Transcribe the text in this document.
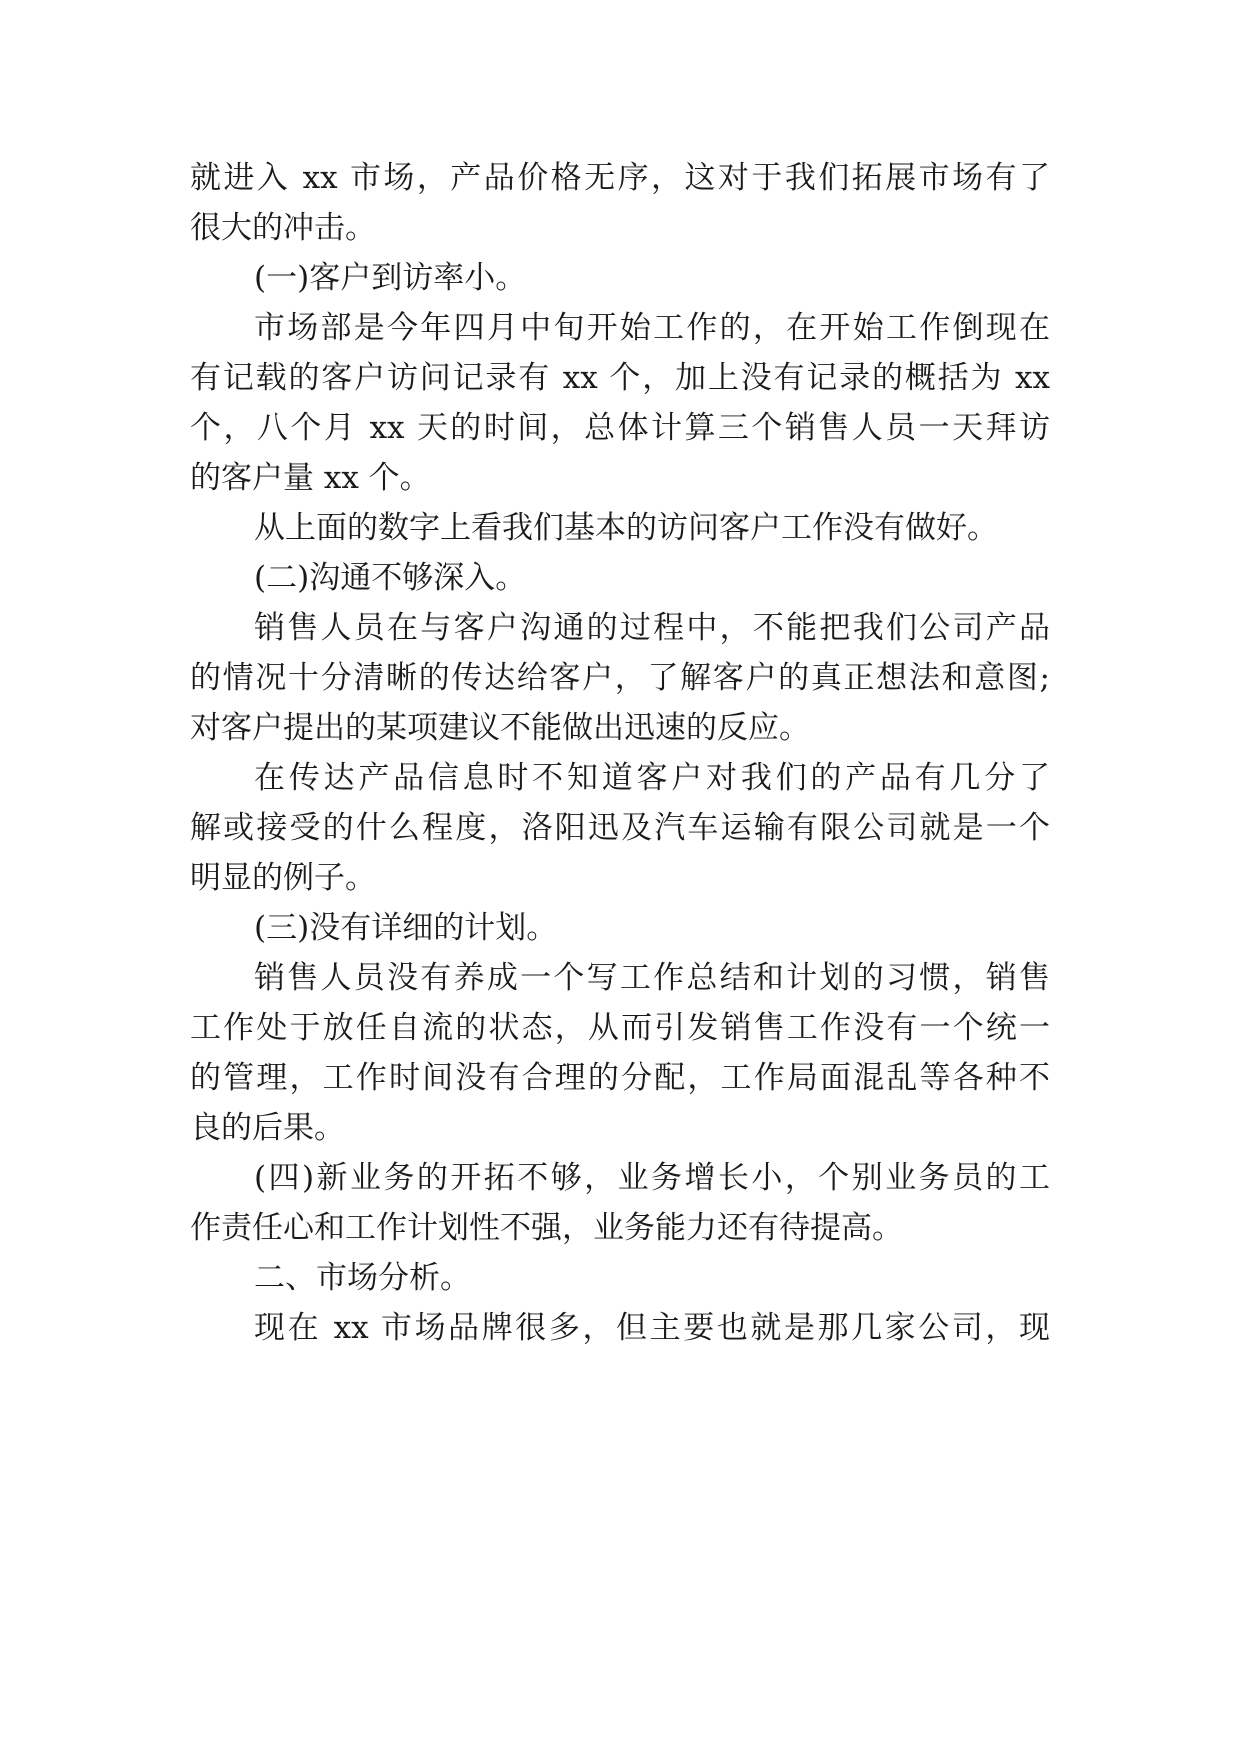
就进入 xx 市场，产品价格无序，这对于我们拓展市场有了
很大的冲击。
(一)客户到访率小。
市场部是今年四月中旬开始工作的，在开始工作倒现在
有记载的客户访问记录有 xx 个，加上没有记录的概括为 xx
个，八个月 xx 天的时间，总体计算三个销售人员一天拜访
的客户量 xx 个。
从上面的数字上看我们基本的访问客户工作没有做好。
(二)沟通不够深入。
销售人员在与客户沟通的过程中，不能把我们公司产品
的情况十分清晰的传达给客户，了解客户的真正想法和意图;
对客户提出的某项建议不能做出迅速的反应。
在传达产品信息时不知道客户对我们的产品有几分了
解或接受的什么程度，洛阳迅及汽车运输有限公司就是一个
明显的例子。
(三)没有详细的计划。
销售人员没有养成一个写工作总结和计划的习惯，销售
工作处于放任自流的状态，从而引发销售工作没有一个统一
的管理，工作时间没有合理的分配，工作局面混乱等各种不
良的后果。
(四)新业务的开拓不够，业务增长小，个别业务员的工
作责任心和工作计划性不强，业务能力还有待提高。
二、市场分析。
现在 xx 市场品牌很多，但主要也就是那几家公司，现
